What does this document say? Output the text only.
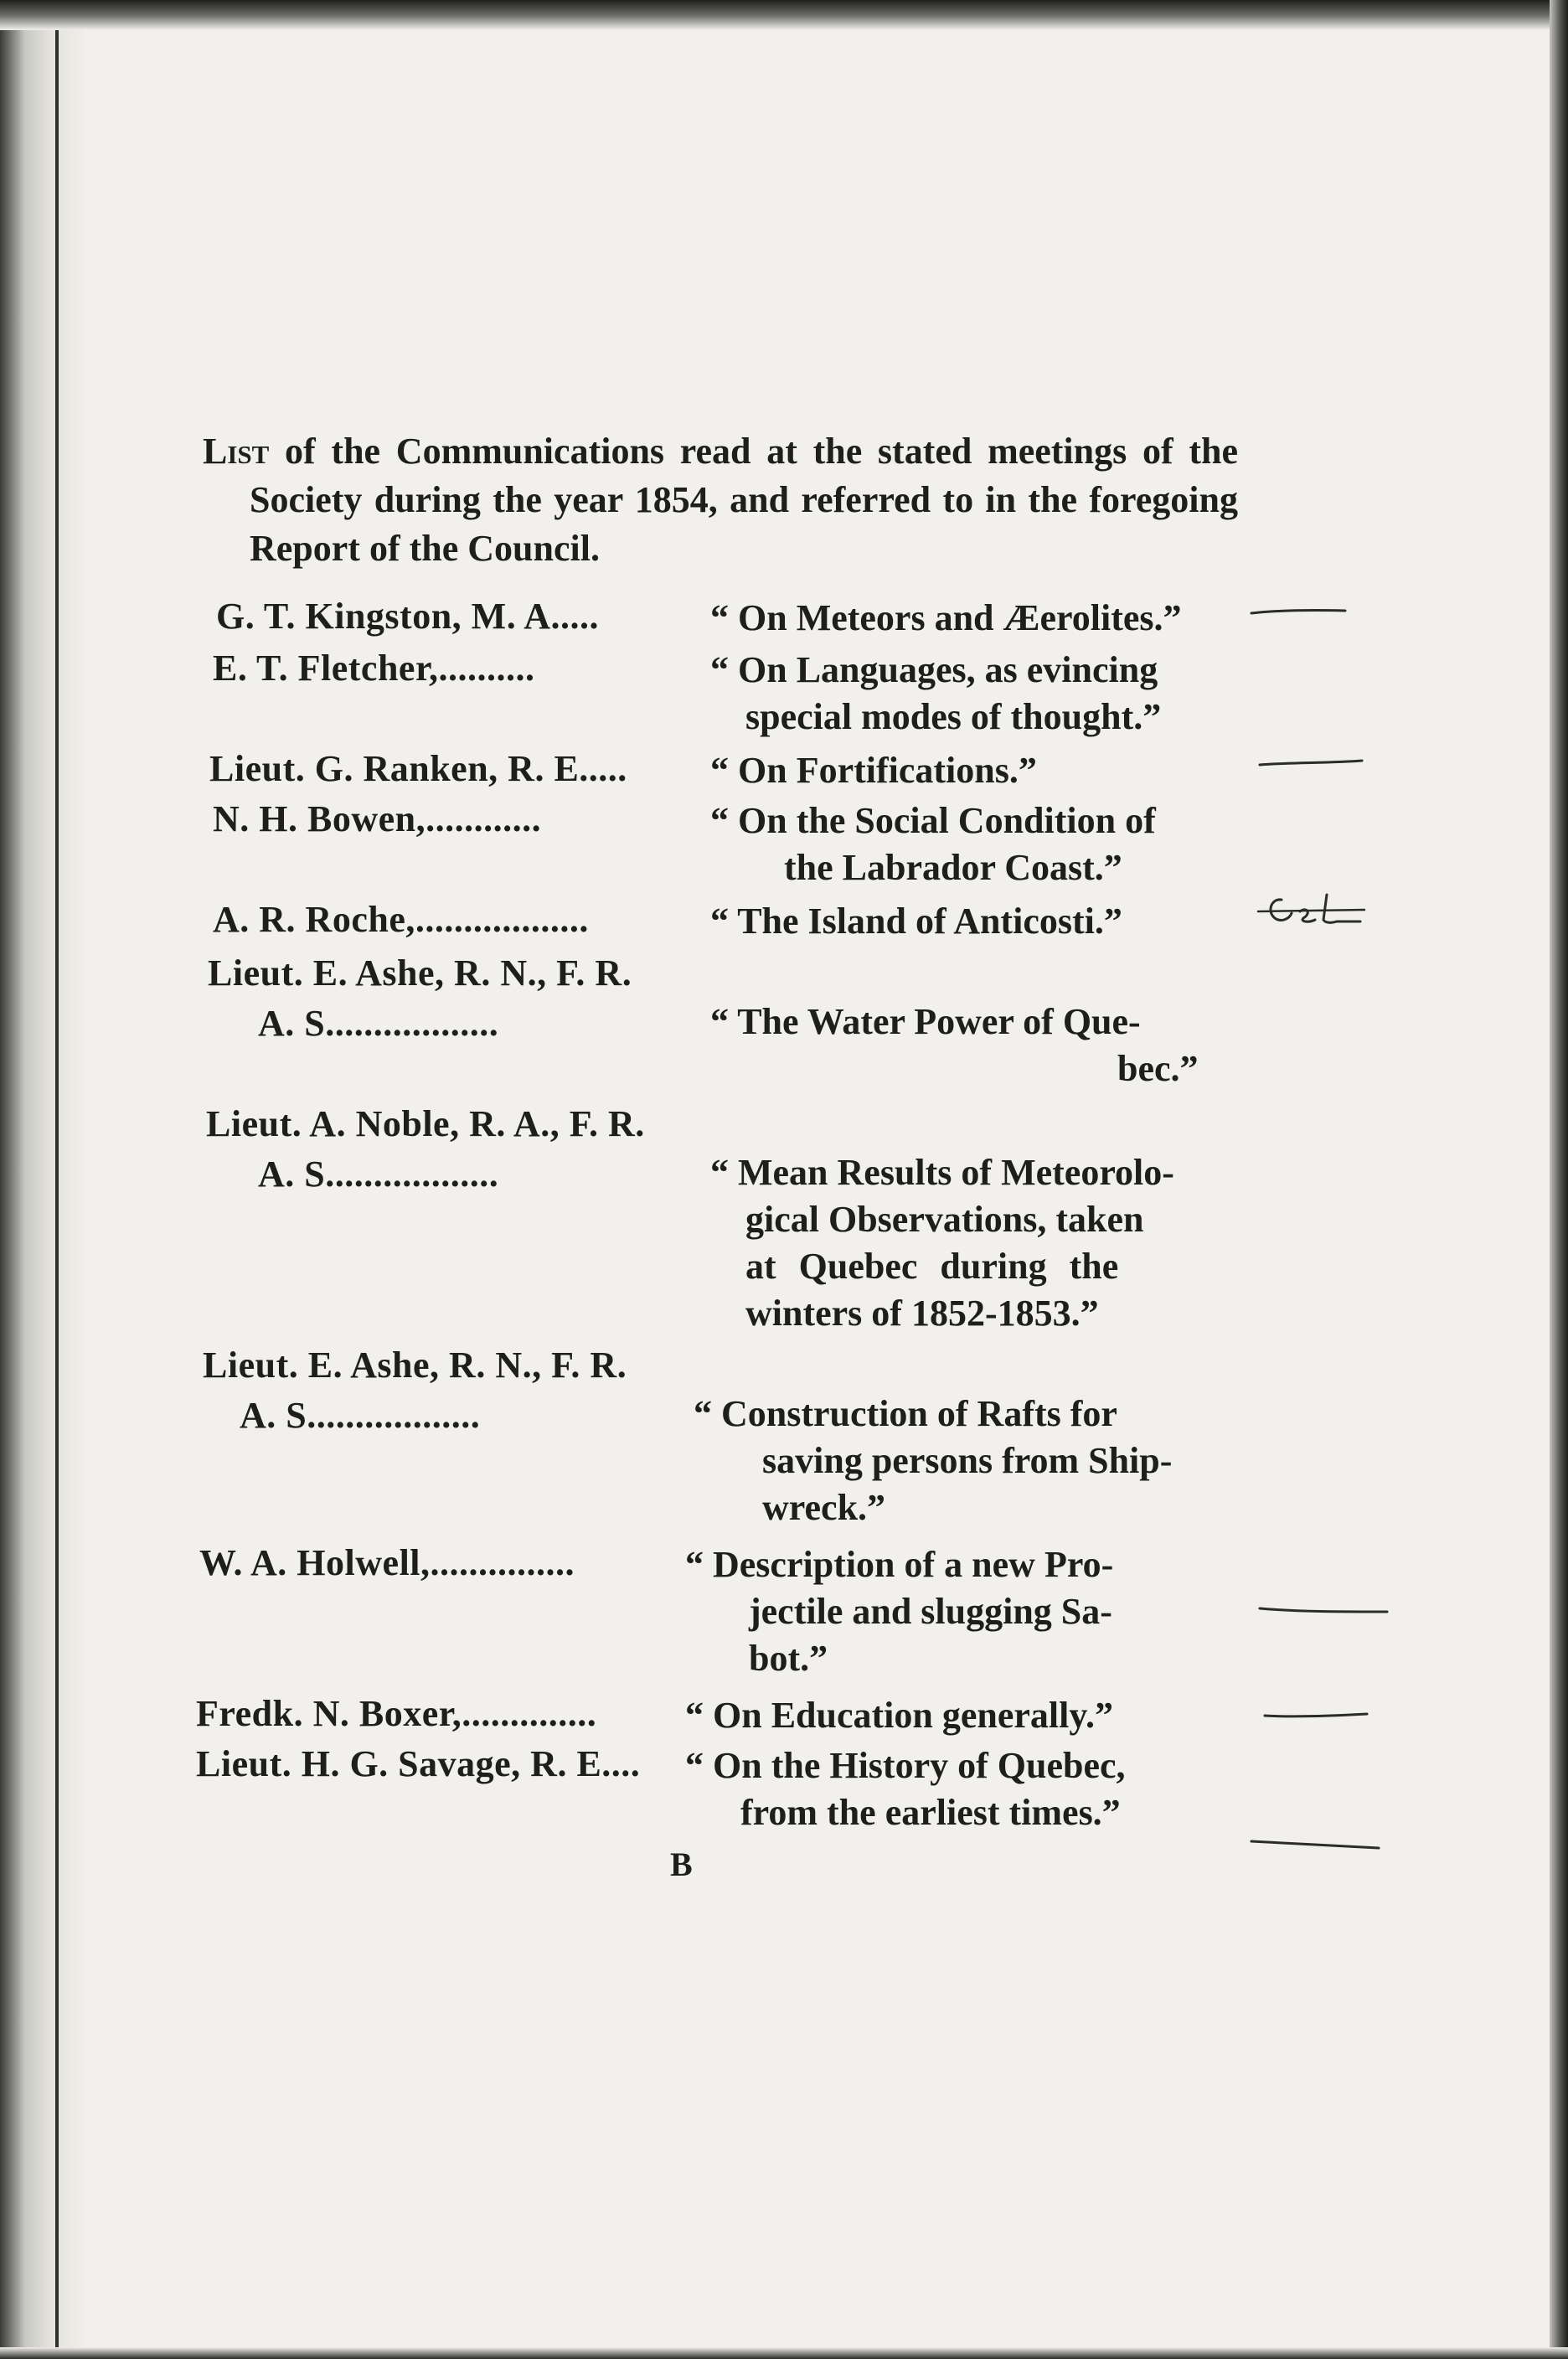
List of the Communications read at the stated meetings of the Society during the year 1854, and referred to in the foregoing Report of the Council.
G. T. Kingston, M. A.....	“ On Meteors and Æerolites.”
E. T. Fletcher,..........	“ On Languages, as evincing
special modes of thought.”
Lieut. G. Ranken, R. E..... “ On Fortifications.”
N. H. Bowen,............	“ On the Social Condition of
the Labrador Coast.”
A. R. Roche,..................	“ The Island of Anticosti.”
Lieut. E. Ashe, R. N., F. R.
A. S..................	“ The Water Power of Que-
bec.”
Lieut. A. Noble, R. A., F. R.
A. S..................	“ Mean Results of Meteorolo-
gical Observations, taken
at Quebec during the
winters of 1852-1853.”
Lieut. E. Ashe, R. N., F. R.
A. S..................	“ Construction of Rafts for
saving persons from Ship-
wreck.”
W. A. Holwell,...............	“ Description of a new Pro-
jectile and slugging Sa-
bot.”
Fredk. N. Boxer,.............. “ On Education generally.”
Lieut. H. G. Savage, R. E.... “ On the History of Quebec,
from the earliest times.”
B
